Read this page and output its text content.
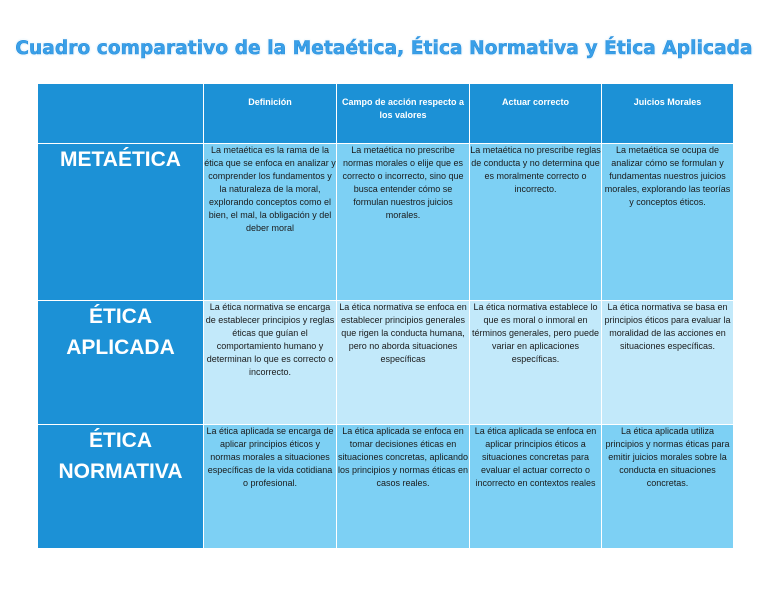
Cuadro comparativo de la Metaética, Ética Normativa y Ética Aplicada
	Definición	Campo de acción respecto a los valores	Actuar correcto	Juicios Morales
METAÉTICA	La metaética es la rama de la ética que se enfoca en analizar y comprender los fundamentos y la naturaleza de la moral, explorando conceptos como el bien, el mal, la obligación y del deber moral	La metaética no prescribe normas morales o elije que es correcto o incorrecto, sino que busca entender cómo se formulan nuestros juicios morales.	La metaética no prescribe reglas de conducta y no determina que es moralmente correcto o incorrecto.	La metaética se ocupa de analizar cómo se formulan y fundamentas nuestros juicios morales, explorando las teorías y conceptos éticos.
ÉTICA APLICADA	La ética normativa se encarga de establecer principios y reglas éticas que guían el comportamiento humano y determinan lo que es correcto o incorrecto.	La ética normativa se enfoca en establecer principios generales que rigen la conducta humana, pero no aborda situaciones específicas	La ética normativa establece lo que es moral o inmoral en términos generales, pero puede variar en aplicaciones específicas.	La ética normativa se basa en principios éticos para evaluar la moralidad de las acciones en situaciones específicas.
ÉTICA NORMATIVA	La ética aplicada se encarga de aplicar principios éticos y normas morales a situaciones específicas de la vida cotidiana o profesional.	La ética aplicada se enfoca en tomar decisiones éticas en situaciones concretas, aplicando los principios y normas éticas en casos reales.	La ética aplicada se enfoca en aplicar principios éticos a situaciones concretas para evaluar el actuar correcto o incorrecto en contextos reales	La ética aplicada utiliza principios y normas éticas para emitir juicios morales sobre la conducta en situaciones concretas.
